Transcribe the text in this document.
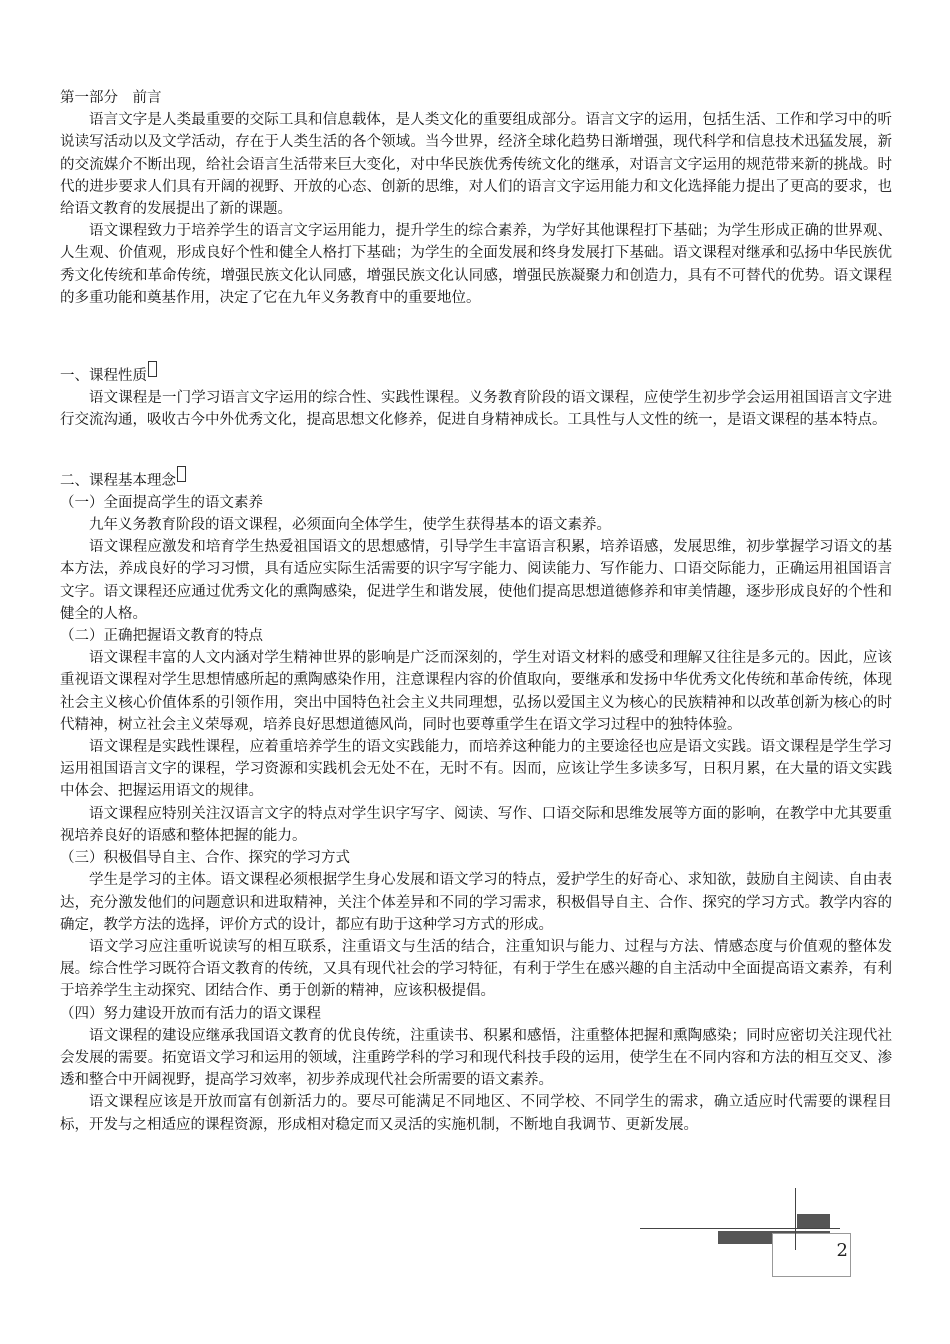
第一部分　前言

语言文字是人类最重要的交际工具和信息载体，是人类文化的重要组成部分。语言文字的运用，包括生活、工作和学习中的听说读写活动以及文学活动，存在于人类生活的各个领域。当今世界，经济全球化趋势日渐增强，现代科学和信息技术迅猛发展，新的交流媒介不断出现，给社会语言生活带来巨大变化，对中华民族优秀传统文化的继承，对语言文字运用的规范带来新的挑战。时代的进步要求人们具有开阔的视野、开放的心态、创新的思维，对人们的语言文字运用能力和文化选择能力提出了更高的要求，也给语文教育的发展提出了新的课题。

语文课程致力于培养学生的语言文字运用能力，提升学生的综合素养，为学好其他课程打下基础；为学生形成正确的世界观、人生观、价值观，形成良好个性和健全人格打下基础；为学生的全面发展和终身发展打下基础。语文课程对继承和弘扬中华民族优秀文化传统和革命传统，增强民族文化认同感，增强民族文化认同感，增强民族凝聚力和创造力，具有不可替代的优势。语文课程的多重功能和奠基作用，决定了它在九年义务教育中的重要地位。

一、课程性质

语文课程是一门学习语言文字运用的综合性、实践性课程。义务教育阶段的语文课程，应使学生初步学会运用祖国语言文字进行交流沟通，吸收古今中外优秀文化，提高思想文化修养，促进自身精神成长。工具性与人文性的统一，是语文课程的基本特点。

二、课程基本理念

（一）全面提高学生的语文素养

九年义务教育阶段的语文课程，必须面向全体学生，使学生获得基本的语文素养。

语文课程应激发和培育学生热爱祖国语文的思想感情，引导学生丰富语言积累，培养语感，发展思维，初步掌握学习语文的基本方法，养成良好的学习习惯，具有适应实际生活需要的识字写字能力、阅读能力、写作能力、口语交际能力，正确运用祖国语言文字。语文课程还应通过优秀文化的熏陶感染，促进学生和谐发展，使他们提高思想道德修养和审美情趣，逐步形成良好的个性和健全的人格。

（二）正确把握语文教育的特点

语文课程丰富的人文内涵对学生精神世界的影响是广泛而深刻的，学生对语文材料的感受和理解又往往是多元的。因此，应该重视语文课程对学生思想情感所起的熏陶感染作用，注意课程内容的价值取向，要继承和发扬中华优秀文化传统和革命传统，体现社会主义核心价值体系的引领作用，突出中国特色社会主义共同理想，弘扬以爱国主义为核心的民族精神和以改革创新为核心的时代精神，树立社会主义荣辱观，培养良好思想道德风尚，同时也要尊重学生在语文学习过程中的独特体验。

语文课程是实践性课程，应着重培养学生的语文实践能力，而培养这种能力的主要途径也应是语文实践。语文课程是学生学习运用祖国语言文字的课程，学习资源和实践机会无处不在，无时不有。因而，应该让学生多读多写，日积月累，在大量的语文实践中体会、把握运用语文的规律。

语文课程应特别关注汉语言文字的特点对学生识字写字、阅读、写作、口语交际和思维发展等方面的影响，在教学中尤其要重视培养良好的语感和整体把握的能力。

（三）积极倡导自主、合作、探究的学习方式

学生是学习的主体。语文课程必须根据学生身心发展和语文学习的特点，爱护学生的好奇心、求知欲，鼓励自主阅读、自由表达，充分激发他们的问题意识和进取精神，关注个体差异和不同的学习需求，积极倡导自主、合作、探究的学习方式。教学内容的确定，教学方法的选择，评价方式的设计，都应有助于这种学习方式的形成。

语文学习应注重听说读写的相互联系，注重语文与生活的结合，注重知识与能力、过程与方法、情感态度与价值观的整体发展。综合性学习既符合语文教育的传统，又具有现代社会的学习特征，有利于学生在感兴趣的自主活动中全面提高语文素养，有利于培养学生主动探究、团结合作、勇于创新的精神，应该积极提倡。

（四）努力建设开放而有活力的语文课程

语文课程的建设应继承我国语文教育的优良传统，注重读书、积累和感悟，注重整体把握和熏陶感染；同时应密切关注现代社会发展的需要。拓宽语文学习和运用的领域，注重跨学科的学习和现代科技手段的运用，使学生在不同内容和方法的相互交叉、渗透和整合中开阔视野，提高学习效率，初步养成现代社会所需要的语文素养。

语文课程应该是开放而富有创新活力的。要尽可能满足不同地区、不同学校、不同学生的需求，确立适应时代需要的课程目标，开发与之相适应的课程资源，形成相对稳定而又灵活的实施机制，不断地自我调节、更新发展。

2
